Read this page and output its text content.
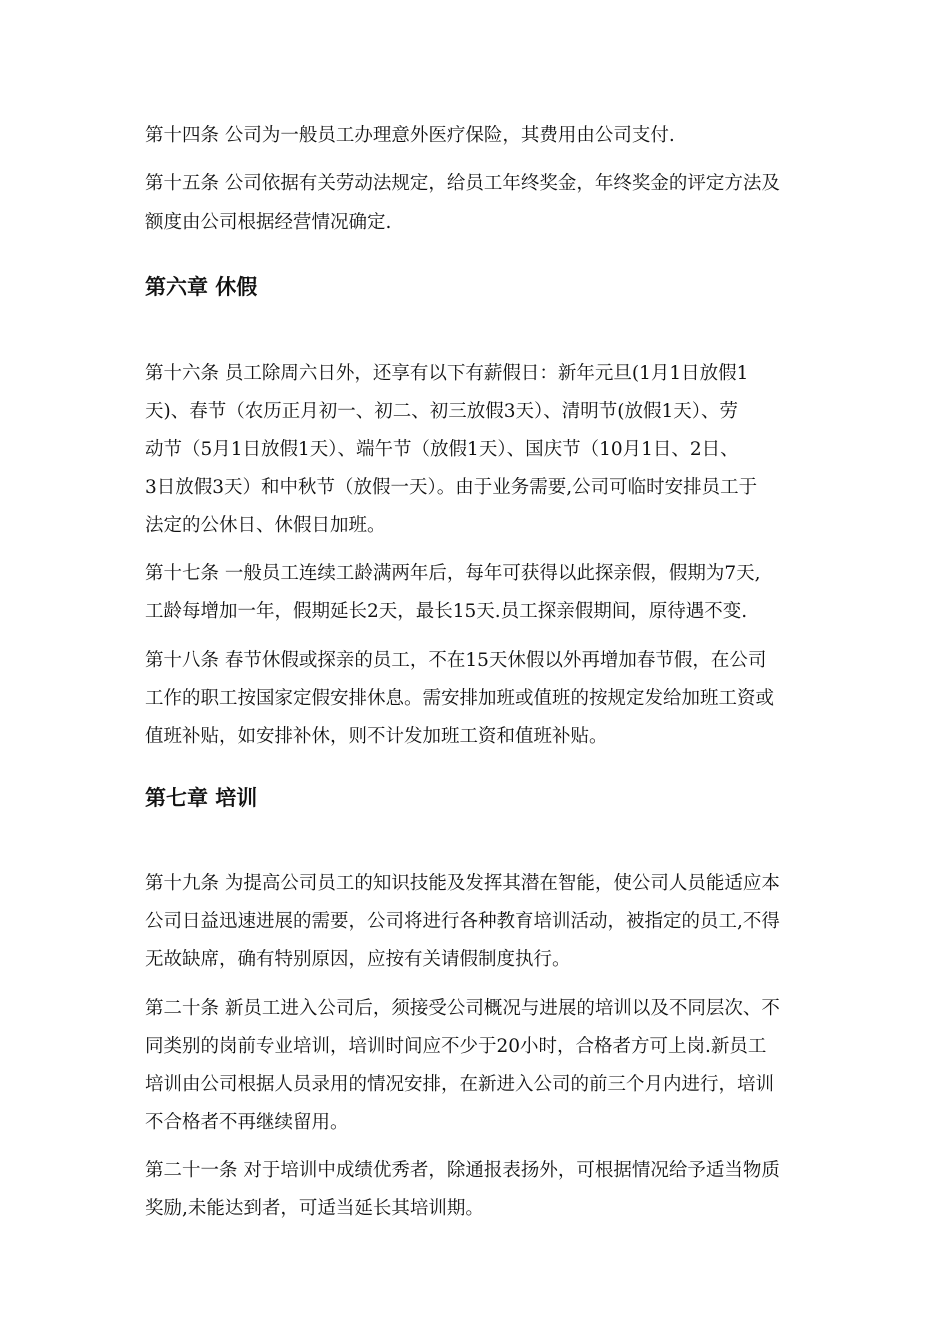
第十四条 公司为一般员工办理意外医疗保险，其费用由公司支付.
第十五条 公司依据有关劳动法规定，给员工年终奖金，年终奖金的评定方法及
额度由公司根据经营情况确定.
第六章 休假
第十六条 员工除周六日外，还享有以下有薪假日：新年元旦(1月1日放假1
天)、春节（农历正月初一、初二、初三放假3天）、清明节(放假1天）、劳
动节（5月1日放假1天）、端午节（放假1天）、国庆节（10月1日、2日、
3日放假3天）和中秋节（放假一天）。由于业务需要,公司可临时安排员工于
法定的公休日、休假日加班。
第十七条 一般员工连续工龄满两年后，每年可获得以此探亲假，假期为7天,
工龄每增加一年，假期延长2天，最长15天.员工探亲假期间，原待遇不变.
第十八条 春节休假或探亲的员工，不在15天休假以外再增加春节假，在公司
工作的职工按国家定假安排休息。需安排加班或值班的按规定发给加班工资或
值班补贴，如安排补休，则不计发加班工资和值班补贴。
第七章 培训
第十九条 为提高公司员工的知识技能及发挥其潜在智能，使公司人员能适应本
公司日益迅速进展的需要，公司将进行各种教育培训活动，被指定的员工,不得
无故缺席，确有特别原因，应按有关请假制度执行。
第二十条 新员工进入公司后，须接受公司概况与进展的培训以及不同层次、不
同类别的岗前专业培训，培训时间应不少于20小时，合格者方可上岗.新员工
培训由公司根据人员录用的情况安排，在新进入公司的前三个月内进行，培训
不合格者不再继续留用。
第二十一条 对于培训中成绩优秀者，除通报表扬外，可根据情况给予适当物质
奖励,未能达到者，可适当延长其培训期。
